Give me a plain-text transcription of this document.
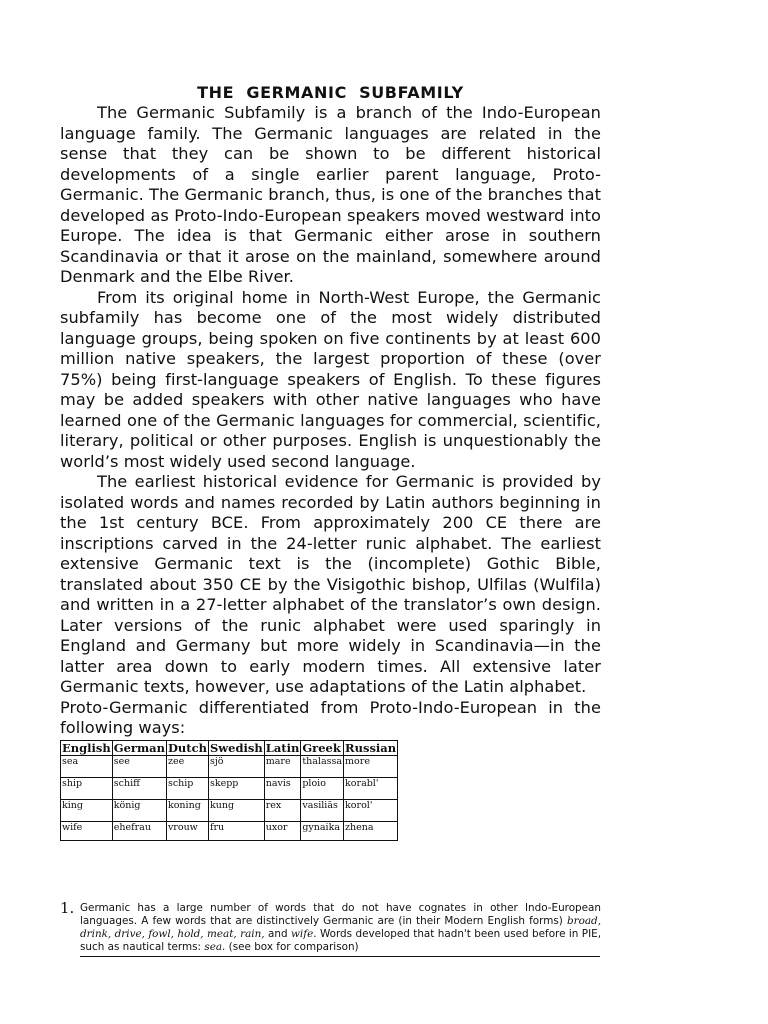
THE GERMANIC SUBFAMILY

The Germanic Subfamily is a branch of the Indo-European language family. The Germanic languages are related in the sense that they can be shown to be different historical developments of a single earlier parent language, Proto-Germanic. The Germanic branch, thus, is one of the branches that developed as Proto-Indo-European speakers moved westward into Europe. The idea is that Germanic either arose in southern Scandinavia or that it arose on the mainland, somewhere around Denmark and the Elbe River.

From its original home in North-West Europe, the Germanic subfamily has become one of the most widely distributed language groups, being spoken on five continents by at least 600 million native speakers, the largest proportion of these (over 75%) being first-language speakers of English. To these figures may be added speakers with other native languages who have learned one of the Germanic languages for commercial, scientific, literary, political or other purposes. English is unquestionably the world’s most widely used second language.

The earliest historical evidence for Germanic is provided by isolated words and names recorded by Latin authors beginning in the 1st century BCE. From approximately 200 CE there are inscriptions carved in the 24-letter runic alphabet. The earliest extensive Germanic text is the (incomplete) Gothic Bible, translated about 350 CE by the Visigothic bishop, Ulfilas (Wulfila) and written in a 27-letter alphabet of the translator’s own design. Later versions of the runic alphabet were used sparingly in England and Germany but more widely in Scandinavia—in the latter area down to early modern times. All extensive later Germanic texts, however, use adaptations of the Latin alphabet.

Proto-Germanic differentiated from Proto-Indo-European in the following ways:

English	German	Dutch	Swedish	Latin	Greek	Russian
sea	see	zee	sjö	mare	thalassa	more

ship	schiff	schip	skepp	navis	ploio	korabl'

king	könig	koning	kung	rex	vasiliās	korol'

wife	ehefrau	vrouw	fru	uxor	gynaika	zhena

1. Germanic has a large number of words that do not have cognates in other Indo-European languages. A few words that are distinctively Germanic are (in their Modern English forms) broad, drink, drive, fowl, hold, meat, rain, and wife. Words developed that hadn't been used before in PIE, such as nautical terms: sea. (see box for comparison)
